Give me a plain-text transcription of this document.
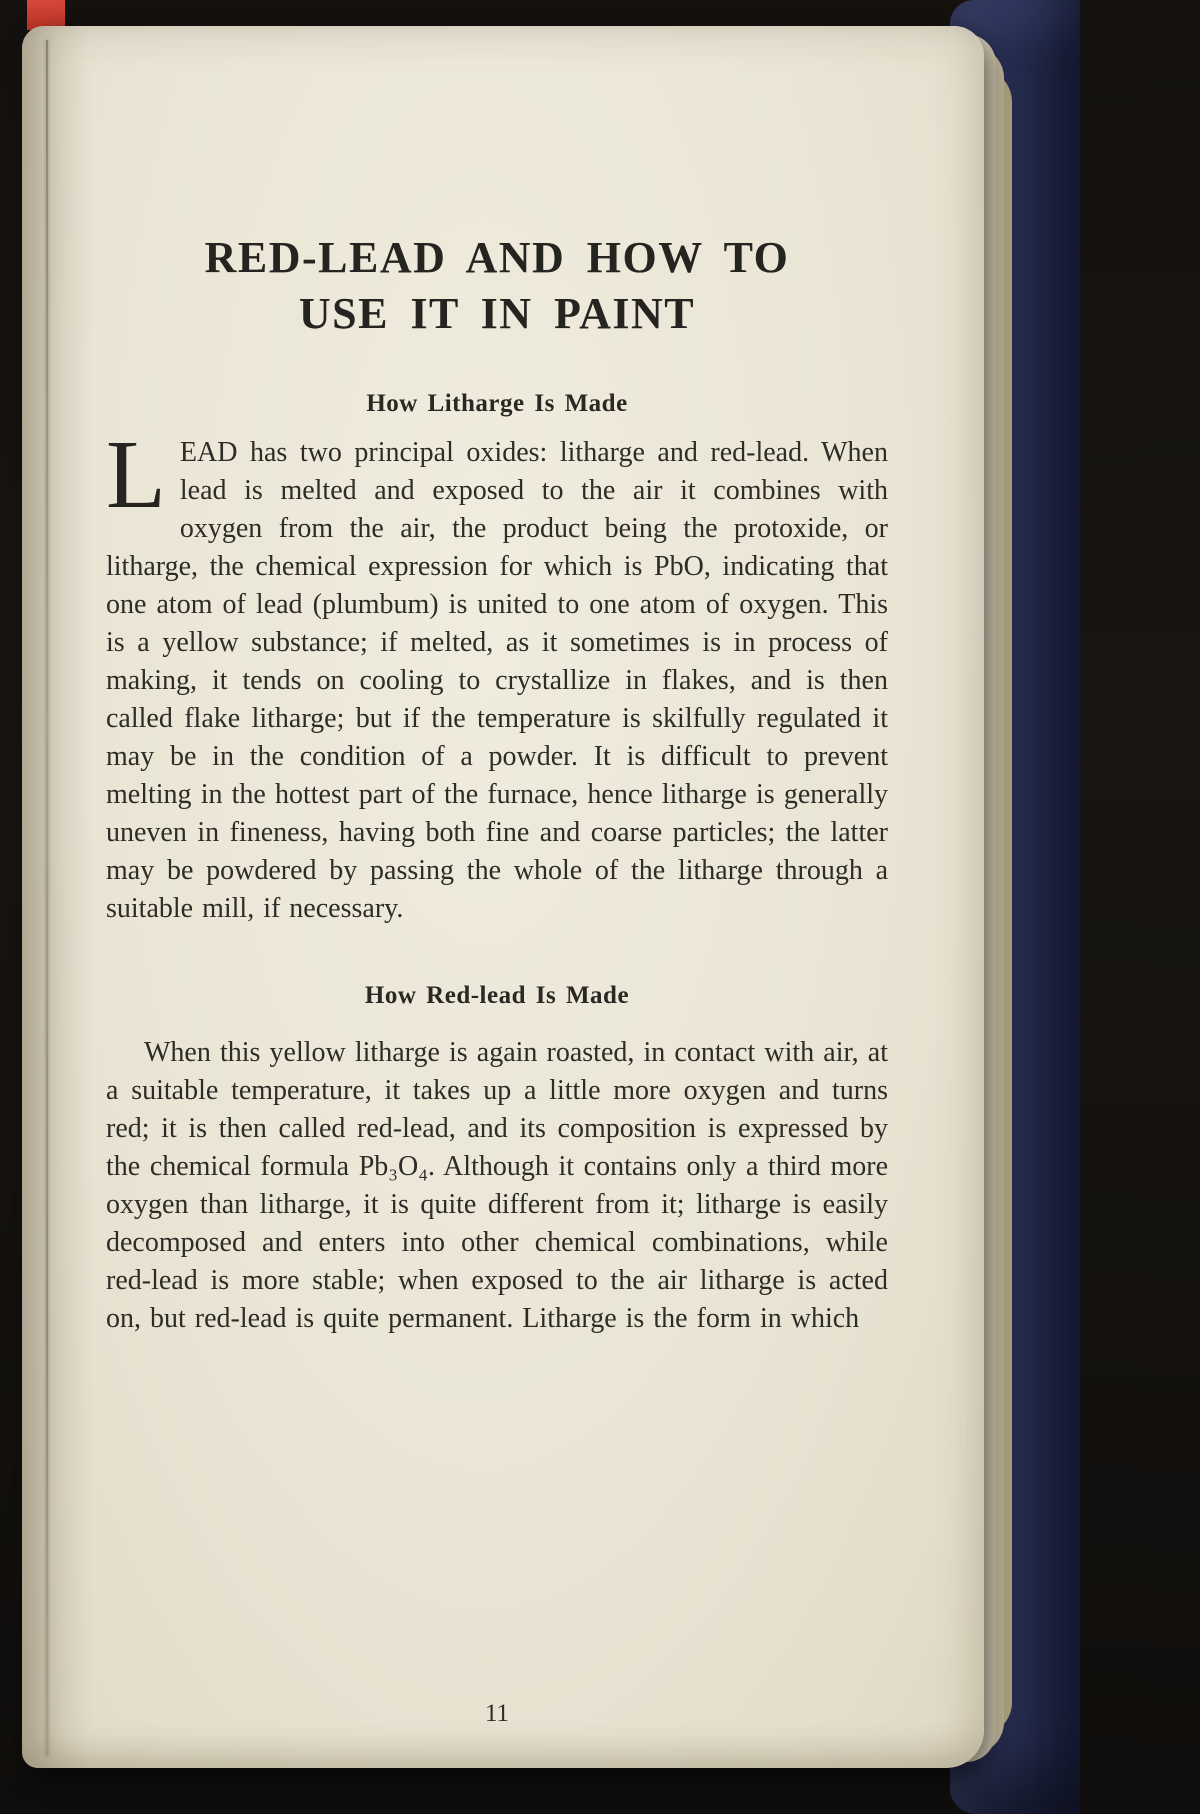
RED-LEAD AND HOW TO
USE IT IN PAINT
How Litharge Is Made

LEAD has two principal oxides: litharge and red-lead. When lead is melted and exposed to the air it combines with oxygen from the air, the product being the protoxide, or litharge, the chemical expression for which is PbO, indicating that one atom of lead (plumbum) is united to one atom of oxygen. This is a yellow substance; if melted, as it sometimes is in process of making, it tends on cooling to crystallize in flakes, and is then called flake litharge; but if the temperature is skilfully regulated it may be in the condition of a powder. It is difficult to prevent melting in the hottest part of the furnace, hence litharge is generally uneven in fineness, having both fine and coarse particles; the latter may be powdered by passing the whole of the litharge through a suitable mill, if necessary.

How Red-lead Is Made

When this yellow litharge is again roasted, in contact with air, at a suitable temperature, it takes up a little more oxygen and turns red; it is then called red-lead, and its composition is expressed by the chemical formula Pb₃O₄. Although it contains only a third more oxygen than litharge, it is quite different from it; litharge is easily decomposed and enters into other chemical combinations, while red-lead is more stable; when exposed to the air litharge is acted on, but red-lead is quite permanent. Litharge is the form in which

11
